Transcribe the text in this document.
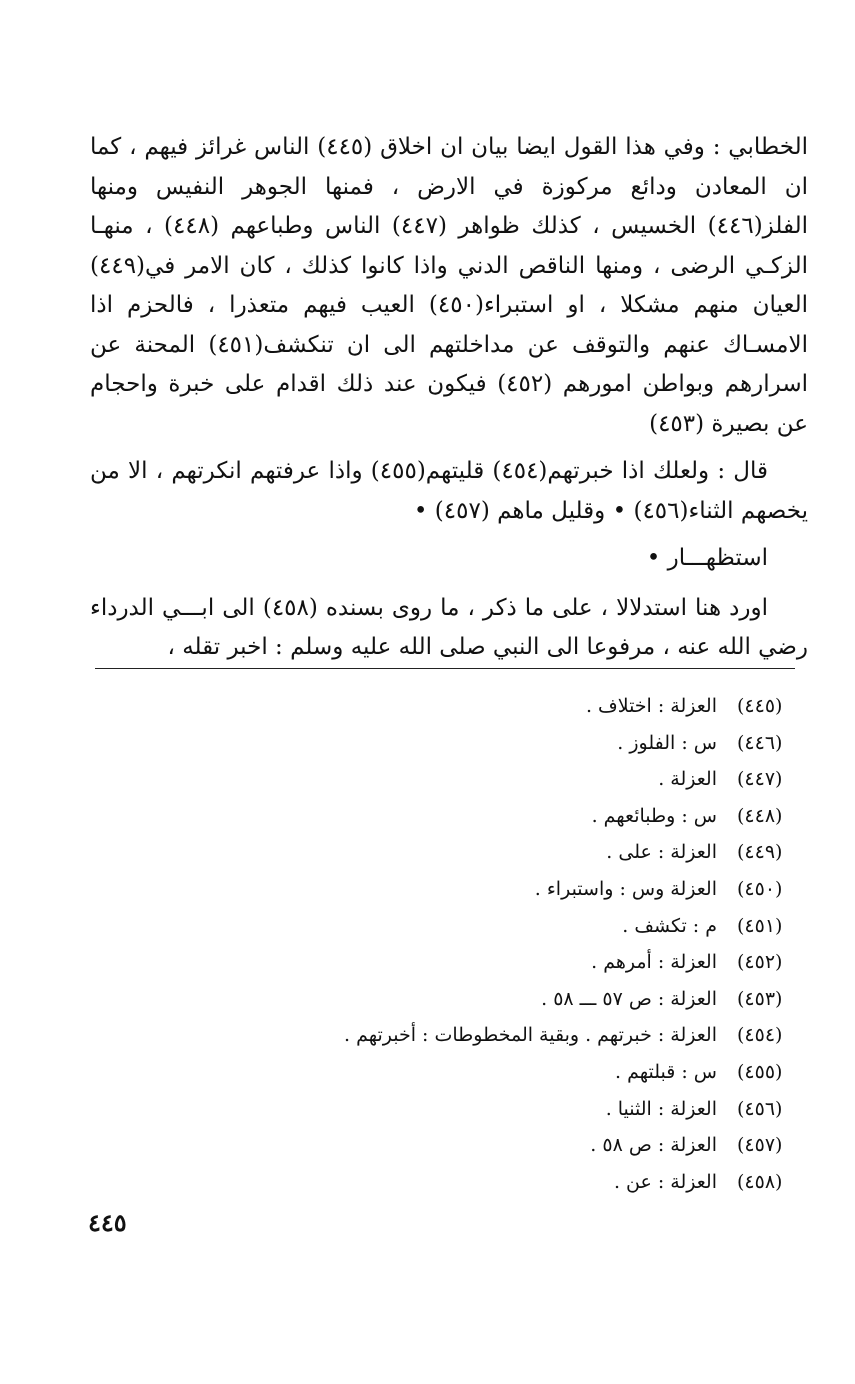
الخطابي : وفي هذا القول ايضا بيان ان اخلاق (٤٤٥) الناس غرائز فيهم ، كما ان المعادن ودائع مركوزة في الارض ، فمنها الجوهر النفيس ومنها الفلز(٤٤٦) الخسيس ، كذلك ظواهر (٤٤٧) الناس وطباعهم (٤٤٨) ، منهـا الزكـي الرضى ، ومنها الناقص الدني واذا كانوا كذلك ، كان الامر في(٤٤٩) العيان منهم مشكلا ، او استبراء(٤٥٠) العيب فيهم متعذرا ، فالحزم اذا الامسـاك عنهم والتوقف عن مداخلتهم الى ان تنكشف(٤٥١) المحنة عن اسرارهم وبواطن امورهم (٤٥٢) فيكون عند ذلك اقدام على خبرة واحجام عن بصيرة (٤٥٣)

قال : ولعلك اذا خبرتهم(٤٥٤) قليتهم(٤٥٥) واذا عرفتهم انكرتهم ، الا من يخصهم الثناء(٤٥٦) • وقليل ماهم (٤٥٧) •

استظهـــار •

اورد هنا استدلالا ، على ما ذكر ، ما روى بسنده (٤٥٨) الى ابـــي الدرداء رضي الله عنه ، مرفوعا الى النبي صلى الله عليه وسلم : اخبر تقله ،

(٤٤٥)العزلة : اختلاف .
(٤٤٦)س : الفلوز .
(٤٤٧)العزلة .
(٤٤٨)س : وطبائعهم .
(٤٤٩)العزلة : على .
(٤٥٠)العزلة وس : واستبراء .
(٤٥١)م : تكشف .
(٤٥٢)العزلة : أمرهم .
(٤٥٣)العزلة : ص ٥٧ ـــ ٥٨ .
(٤٥٤)العزلة : خبرتهم . وبقية المخطوطات : أخبرتهم .
(٤٥٥)س : قبلتهم .
(٤٥٦)العزلة : الثنيا .
(٤٥٧)العزلة : ص ٥٨ .
(٤٥٨)العزلة : عن .
٤٤٥
